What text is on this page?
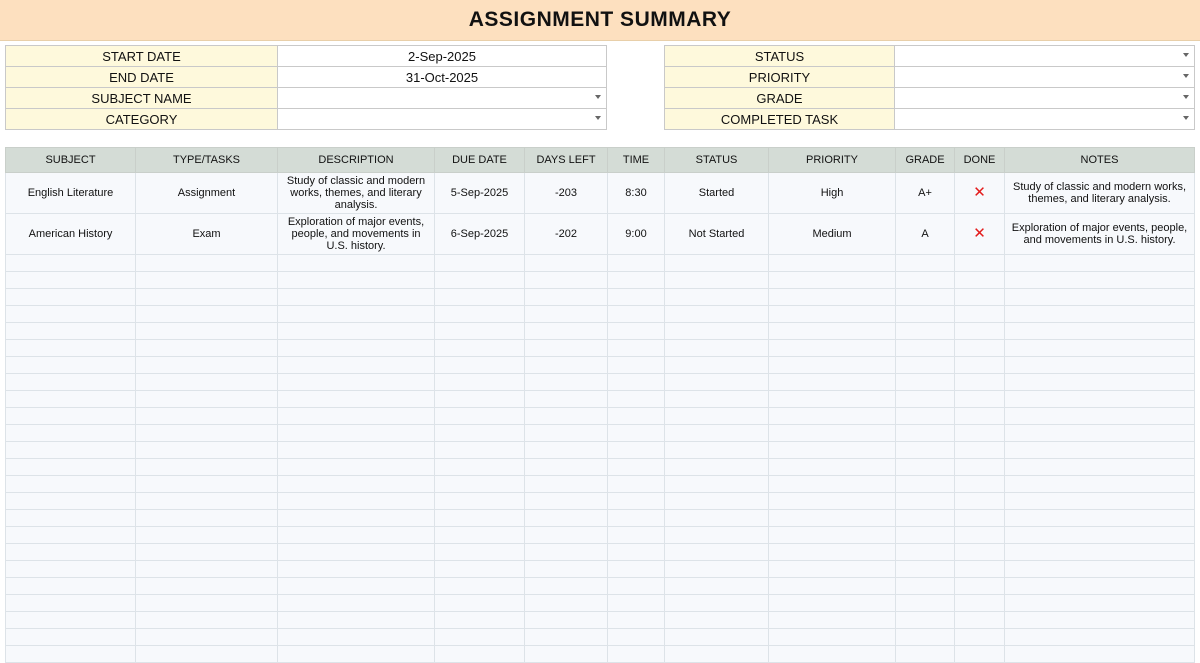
ASSIGNMENT SUMMARY
START DATE	2-Sep-2025
END DATE	31-Oct-2025
SUBJECT NAME	

CATEGORY	
STATUS	

PRIORITY	

GRADE	

COMPLETED TASK	
SUBJECT	TYPE/TASKS	DESCRIPTION	DUE DATE	DAYS LEFT	TIME	STATUS	PRIORITY	GRADE	DONE	NOTES
English Literature	Assignment	Study of classic and modern works, themes, and literary analysis.	5-Sep-2025	-203	8:30	Started	High	A+	✕	Study of classic and modern works, themes, and literary analysis.
American History	Exam	Exploration of major events, people, and movements in U.S. history.	6-Sep-2025	-202	9:00	Not Started	Medium	A	✕	Exploration of major events, people, and movements in U.S. history.
